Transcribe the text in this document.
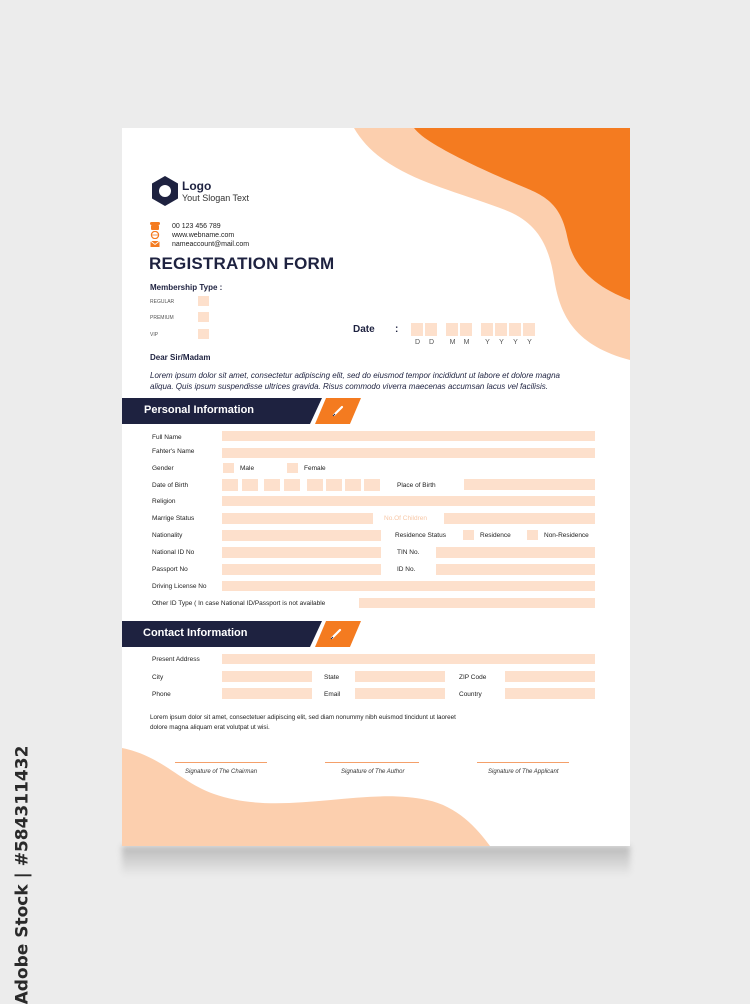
Adobe Stock | #584311432
Logo
Yout Slogan Text
00 123 456 789
www.webname.com
nameaccount@mail.com
REGISTRATION FORM
Membership Type :
REGULAR
PREMIUM
VIP	Date :
D	D	M	M	Y	Y	Y	Y
Dear Sir/Madam
Lorem ipsum dolor sit amet, consectetur adipiscing elit, sed do eiusmod tempor incididunt ut labore et dolore magna aliqua. Quis ipsum suspendisse ultrices gravida. Risus commodo viverra maecenas accumsan lacus vel facilisis.
Personal Information
Full Name
Fahter's Name
Gender	Male	Female
Date of Birth	Place of Birth
Religion
Marrige Status	No.Of Children
Nationality	Residence Status	Residence	Non-Residence
National ID No	TIN No.
Passport No	ID No.
Driving License No
Other ID Type ( In case National ID/Passport is not available
Contact Information
Present Address
City	State	ZIP Code
Phone	Email	Country
Lorem ipsum dolor sit amet, consectetuer adipiscing elit, sed diam nonummy nibh euismod tincidunt ut laoreet dolore magna aliquam erat volutpat ut wisi.
Signature of The Chairman	Signature of The Author	Signature of The Applicant
